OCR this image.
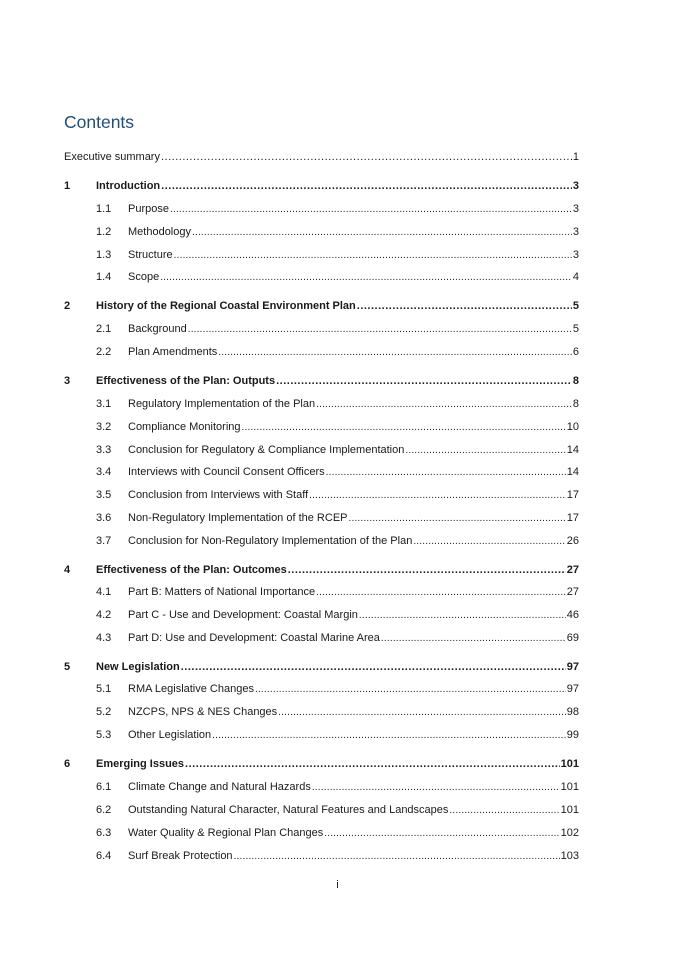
Contents
Executive summary .....	1
1	Introduction .....	3
1.1	Purpose .....	3
1.2	Methodology .....	3
1.3	Structure .....	3
1.4	Scope .....	4
2	History of the Regional Coastal Environment Plan .....	5
2.1	Background .....	5
2.2	Plan Amendments .....	6
3	Effectiveness of the Plan: Outputs .....	8
3.1	Regulatory Implementation of the Plan .....	8
3.2	Compliance Monitoring .....	10
3.3	Conclusion for Regulatory & Compliance Implementation .....	14
3.4	Interviews with Council Consent Officers .....	14
3.5	Conclusion from Interviews with Staff .....	17
3.6	Non-Regulatory Implementation of the RCEP .....	17
3.7	Conclusion for Non-Regulatory Implementation of the Plan .....	26
4	Effectiveness of the Plan: Outcomes .....	27
4.1	Part B: Matters of National Importance .....	27
4.2	Part C - Use and Development: Coastal Margin .....	46
4.3	Part D: Use and Development: Coastal Marine Area .....	69
5	New Legislation .....	97
5.1	RMA Legislative Changes .....	97
5.2	NZCPS, NPS & NES Changes .....	98
5.3	Other Legislation .....	99
6	Emerging Issues .....	101
6.1	Climate Change and Natural Hazards .....	101
6.2	Outstanding Natural Character, Natural Features and Landscapes .....	101
6.3	Water Quality & Regional Plan Changes .....	102
6.4	Surf Break Protection .....	103
i
